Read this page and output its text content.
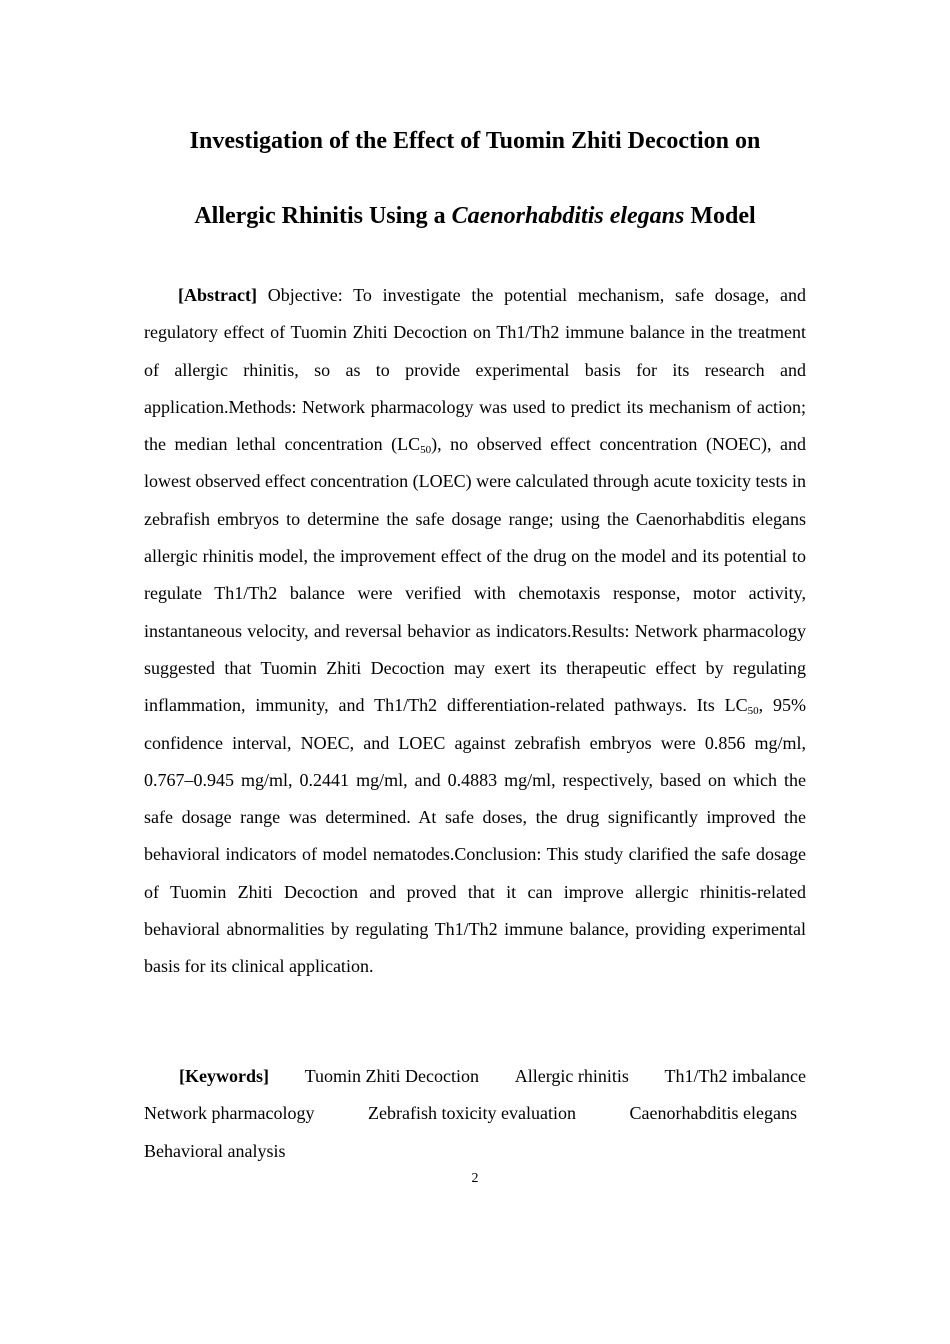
Investigation of the Effect of Tuomin Zhiti Decoction on
Allergic Rhinitis Using a Caenorhabditis elegans Model

[Abstract] Objective: To investigate the potential mechanism, safe dosage, and regulatory effect of Tuomin Zhiti Decoction on Th1/Th2 immune balance in the treatment of allergic rhinitis, so as to provide experimental basis for its research and application.Methods: Network pharmacology was used to predict its mechanism of action; the median lethal concentration $(LC_{50})$, no observed effect concentration (NOEC), and lowest observed effect concentration (LOEC) were calculated through acute toxicity tests in zebrafish embryos to determine the safe dosage range; using the Caenorhabditis elegans allergic rhinitis model, the improvement effect of the drug on the model and its potential to regulate Th1/Th2 balance were verified with chemotaxis response, motor activity, instantaneous velocity, and reversal behavior as indicators.Results: Network pharmacology suggested that Tuomin Zhiti Decoction may exert its therapeutic effect by regulating inflammation, immunity, and Th1/Th2 differentiation-related pathways. Its $LC_{50}$, 95% confidence interval, NOEC, and LOEC against zebrafish embryos were 0.856 mg/ml, 0.767–0.945 mg/ml, 0.2441 mg/ml, and 0.4883 mg/ml, respectively, based on which the safe dosage range was determined. At safe doses, the drug significantly improved the behavioral indicators of model nematodes.Conclusion: This study clarified the safe dosage of Tuomin Zhiti Decoction and proved that it can improve allergic rhinitis-related behavioral abnormalities by regulating Th1/Th2 immune balance, providing experimental basis for its clinical application.

[Keywords] Tuomin Zhiti Decoction Allergic rhinitis Th1/Th2 imbalance
Network pharmacology	Zebrafish toxicity evaluation	Caenorhabditis elegans
Behavioral analysis
2
